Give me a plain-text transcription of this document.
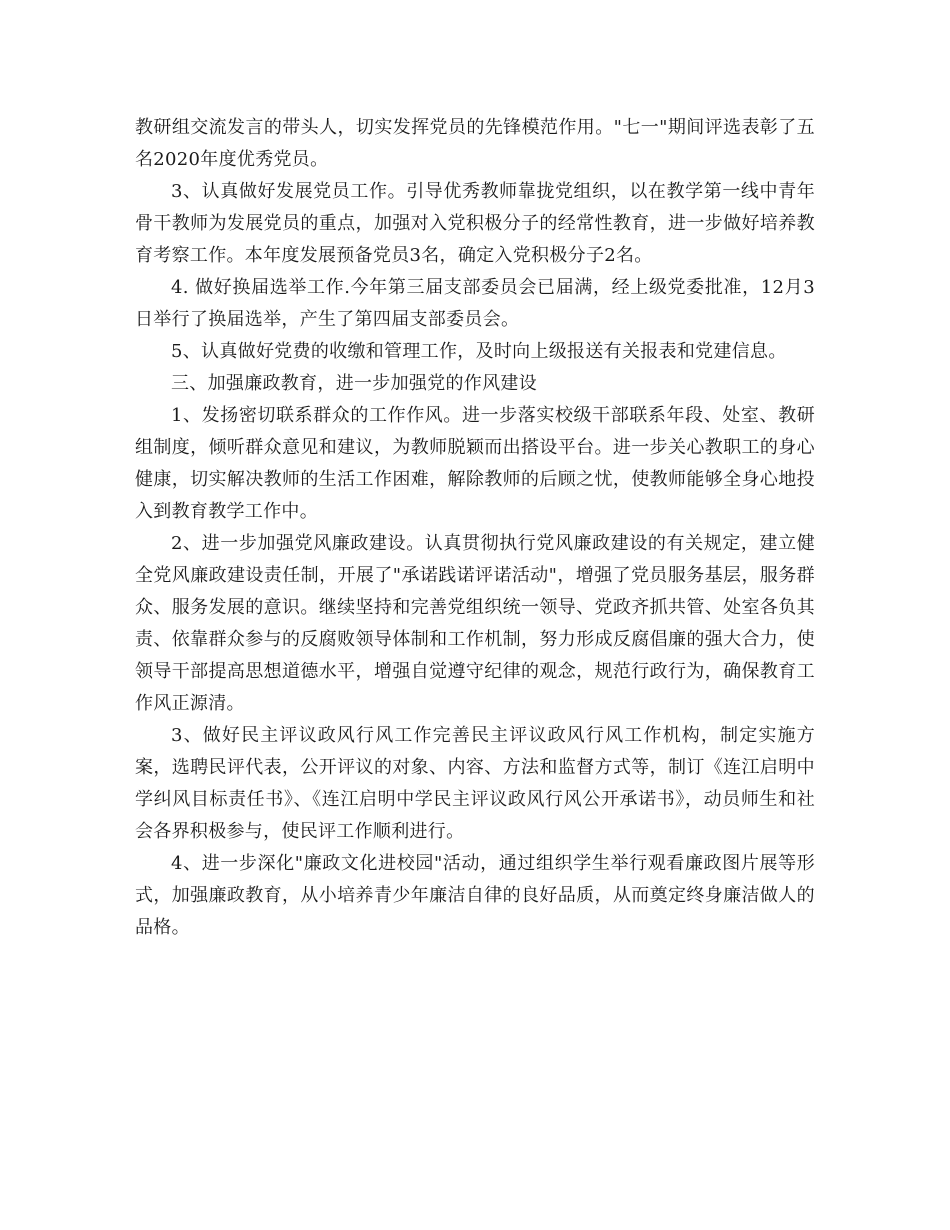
教研组交流发言的带头人，切实发挥党员的先锋模范作用。"七一"期间评选表彰了五名2020年度优秀党员。

3、认真做好发展党员工作。引导优秀教师靠拢党组织，以在教学第一线中青年骨干教师为发展党员的重点，加强对入党积极分子的经常性教育，进一步做好培养教育考察工作。本年度发展预备党员3名，确定入党积极分子2名。

4. 做好换届选举工作.今年第三届支部委员会已届满，经上级党委批准，12月3日举行了换届选举，产生了第四届支部委员会。

5、认真做好党费的收缴和管理工作，及时向上级报送有关报表和党建信息。

三、加强廉政教育，进一步加强党的作风建设

1、发扬密切联系群众的工作作风。进一步落实校级干部联系年段、处室、教研组制度，倾听群众意见和建议，为教师脱颖而出搭设平台。进一步关心教职工的身心健康，切实解决教师的生活工作困难，解除教师的后顾之忧，使教师能够全身心地投入到教育教学工作中。

2、进一步加强党风廉政建设。认真贯彻执行党风廉政建设的有关规定，建立健全党风廉政建设责任制，开展了"承诺践诺评诺活动"，增强了党员服务基层，服务群众、服务发展的意识。继续坚持和完善党组织统一领导、党政齐抓共管、处室各负其责、依靠群众参与的反腐败领导体制和工作机制，努力形成反腐倡廉的强大合力，使领导干部提高思想道德水平，增强自觉遵守纪律的观念，规范行政行为，确保教育工作风正源清。

3、做好民主评议政风行风工作完善民主评议政风行风工作机构，制定实施方案，选聘民评代表，公开评议的对象、内容、方法和监督方式等，制订《连江启明中学纠风目标责任书》、《连江启明中学民主评议政风行风公开承诺书》，动员师生和社会各界积极参与，使民评工作顺利进行。

4、进一步深化"廉政文化进校园"活动，通过组织学生举行观看廉政图片展等形式，加强廉政教育，从小培养青少年廉洁自律的良好品质，从而奠定终身廉洁做人的品格。
